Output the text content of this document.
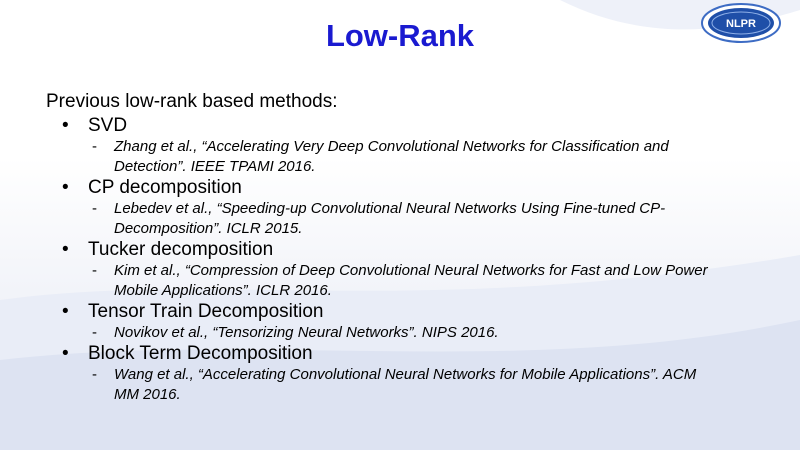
Low-Rank	NLPR
Previous low-rank based methods:
•	SVD
-	Zhang et al., “Accelerating Very Deep Convolutional Networks for Classification and
Detection”. IEEE TPAMI 2016.
•	CP decomposition
-	Lebedev et al., “Speeding-up Convolutional Neural Networks Using Fine-tuned CP-
Decomposition”. ICLR 2015.
•	Tucker decomposition
-	Kim et al., “Compression of Deep Convolutional Neural Networks for Fast and Low Power
Mobile Applications”. ICLR 2016.
•	Tensor Train Decomposition
-	Novikov et al., “Tensorizing Neural Networks”. NIPS 2016.
•	Block Term Decomposition
-	Wang et al., “Accelerating Convolutional Neural Networks for Mobile Applications”. ACM
MM 2016.
